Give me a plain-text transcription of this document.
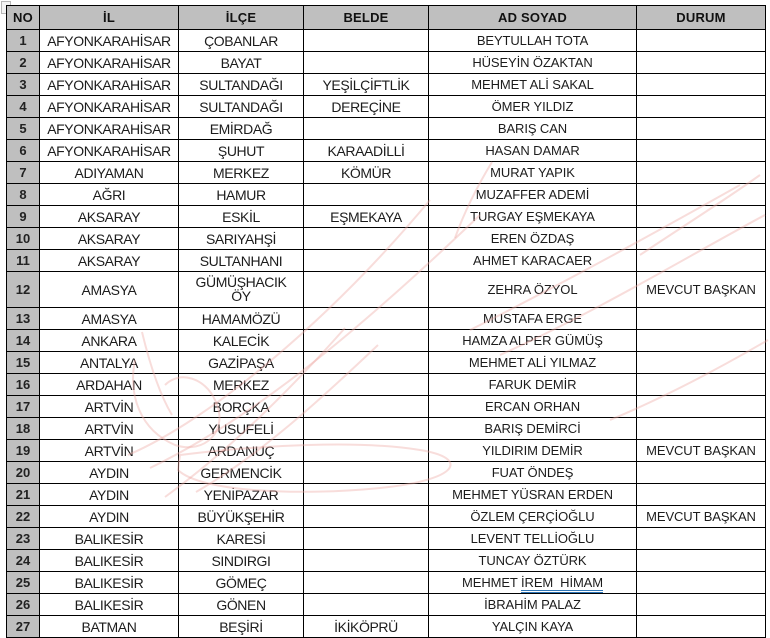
NO	İL	İLÇE	BELDE	AD SOYAD	DURUM
1	AFYONKARAHİSAR	ÇOBANLAR		BEYTULLAH TOTA	
2	AFYONKARAHİSAR	BAYAT		HÜSEYİN ÖZAKTAN	
3	AFYONKARAHİSAR	SULTANDAĞI	YEŞİLÇİFTLİK	MEHMET ALİ SAKAL	
4	AFYONKARAHİSAR	SULTANDAĞI	DEREÇİNE	ÖMER YILDIZ	
5	AFYONKARAHİSAR	EMİRDAĞ		BARIŞ CAN	
6	AFYONKARAHİSAR	ŞUHUT	KARAADİLLİ	HASAN DAMAR	
7	ADIYAMAN	MERKEZ	KÖMÜR	MURAT YAPIK	
8	AĞRI	HAMUR		MUZAFFER ADEMİ	
9	AKSARAY	ESKİL	EŞMEKAYA	TURGAY EŞMEKAYA	
10	AKSARAY	SARIYAHŞİ		EREN ÖZDAŞ	
11	AKSARAY	SULTANHANI		AHMET KARACAER	
12	AMASYA	GÜMÜŞHACIKÖY		ZEHRA ÖZYOL	MEVCUT BAŞKAN
13	AMASYA	HAMAMÖZÜ		MUSTAFA ERGE	
14	ANKARA	KALECİK		HAMZA ALPER GÜMÜŞ	
15	ANTALYA	GAZİPAŞA		MEHMET ALİ YILMAZ	
16	ARDAHAN	MERKEZ		FARUK DEMİR	
17	ARTVİN	BORÇKA		ERCAN ORHAN	
18	ARTVİN	YUSUFELİ		BARIŞ DEMİRCİ	
19	ARTVİN	ARDANUÇ		YILDIRIM DEMİR	MEVCUT BAŞKAN
20	AYDIN	GERMENCİK		FUAT ÖNDEŞ	
21	AYDIN	YENİPAZAR		MEHMET YÜSRAN ERDEN	
22	AYDIN	BÜYÜKŞEHİR		ÖZLEM ÇERÇİOĞLU	MEVCUT BAŞKAN
23	BALIKESİR	KARESİ		LEVENT TELLİOĞLU	
24	BALIKESİR	SINDIRGI		TUNCAY ÖZTÜRK	
25	BALIKESİR	GÖMEÇ		MEHMET İREM  HİMAM	
26	BALIKESİR	GÖNEN		İBRAHİM PALAZ	
27	BATMAN	BEŞİRİ	İKİKÖPRÜ	YALÇIN KAYA	
